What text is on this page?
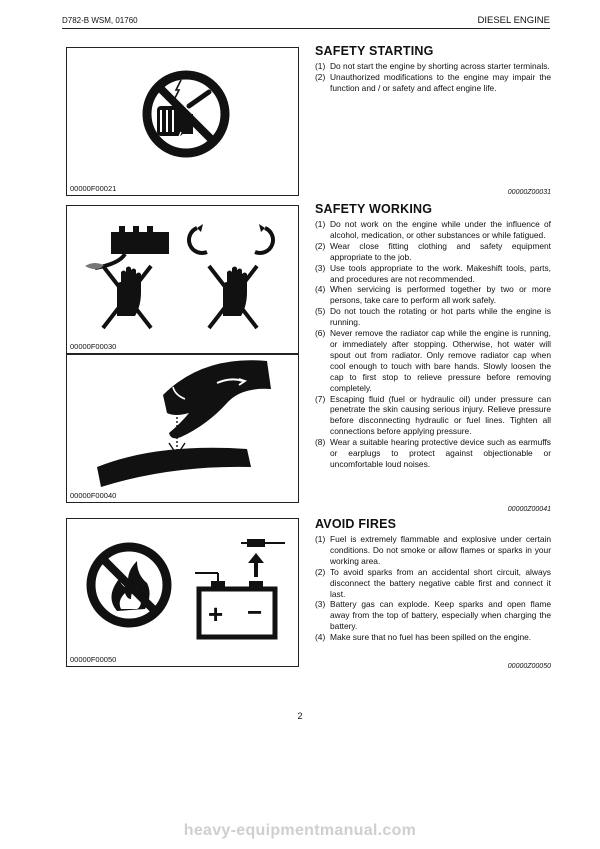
D782-B WSM, 01760	DIESEL ENGINE
00000F00021
00000F00030
00000F00040
+ −
00000F00050
SAFETY STARTING
(1) Do not start the engine by shorting across starter terminals.
(2) Unauthorized modifications to the engine may impair the function and / or safety and affect engine life.
00000Z00031
SAFETY WORKING
(1) Do not work on the engine while under the influence of alcohol, medication, or other substances or while fatigued.
(2) Wear close fitting clothing and safety equipment appropriate to the job.
(3) Use tools appropriate to the work. Makeshift tools, parts, and procedures are not recommended.
(4) When servicing is performed together by two or more persons, take care to perform all work safely.
(5) Do not touch the rotating or hot parts while the engine is running.
(6) Never remove the radiator cap while the engine is running, or immediately after stopping. Otherwise, hot water will spout out from radiator. Only remove radiator cap when cool enough to touch with bare hands. Slowly loosen the cap to first stop to relieve pressure before removing completely.
(7) Escaping fluid (fuel or hydraulic oil) under pressure can penetrate the skin causing serious injury. Relieve pressure before disconnecting hydraulic or fuel lines. Tighten all connections before applying pressure.
(8) Wear a suitable hearing protective device such as earmuffs or earplugs to protect against objectionable or uncomfortable loud noises.
00000Z00041
AVOID FIRES
(1) Fuel is extremely flammable and explosive under certain conditions. Do not smoke or allow flames or sparks in your working area.
(2) To avoid sparks from an accidental short circuit, always disconnect the battery negative cable first and connect it last.
(3) Battery gas can explode. Keep sparks and open flame away from the top of battery, especially when charging the battery.
(4) Make sure that no fuel has been spilled on the engine.
00000Z00050
2
heavy-equipmentmanual.com
